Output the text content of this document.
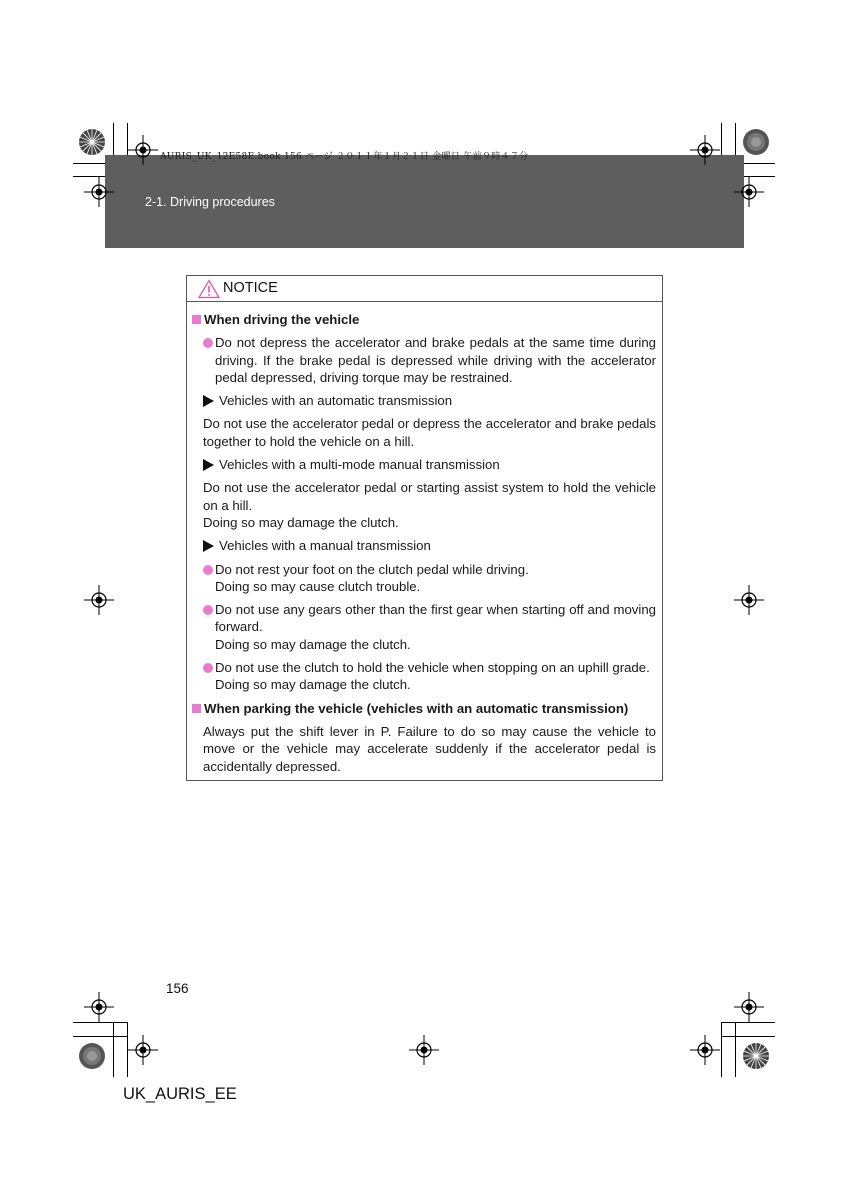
AURIS_UK_12E58E.book 156 ページ ２０１１年１月２１日 金曜日 午前９時４７分
2-1. Driving procedures
NOTICE
When driving the vehicle
Do not depress the accelerator and brake pedals at the same time during driving. If the brake pedal is depressed while driving with the accelerator pedal depressed, driving torque may be restrained.
Vehicles with an automatic transmission
Do not use the accelerator pedal or depress the accelerator and brake pedals together to hold the vehicle on a hill.
Vehicles with a multi-mode manual transmission
Do not use the accelerator pedal or starting assist system to hold the vehicle on a hill.
Doing so may damage the clutch.
Vehicles with a manual transmission
Do not rest your foot on the clutch pedal while driving.
Doing so may cause clutch trouble.
Do not use any gears other than the first gear when starting off and moving forward.
Doing so may damage the clutch.
Do not use the clutch to hold the vehicle when stopping on an uphill grade.
Doing so may damage the clutch.
When parking the vehicle (vehicles with an automatic transmission)
Always put the shift lever in P. Failure to do so may cause the vehicle to move or the vehicle may accelerate suddenly if the accelerator pedal is accidentally depressed.
156
UK_AURIS_EE
